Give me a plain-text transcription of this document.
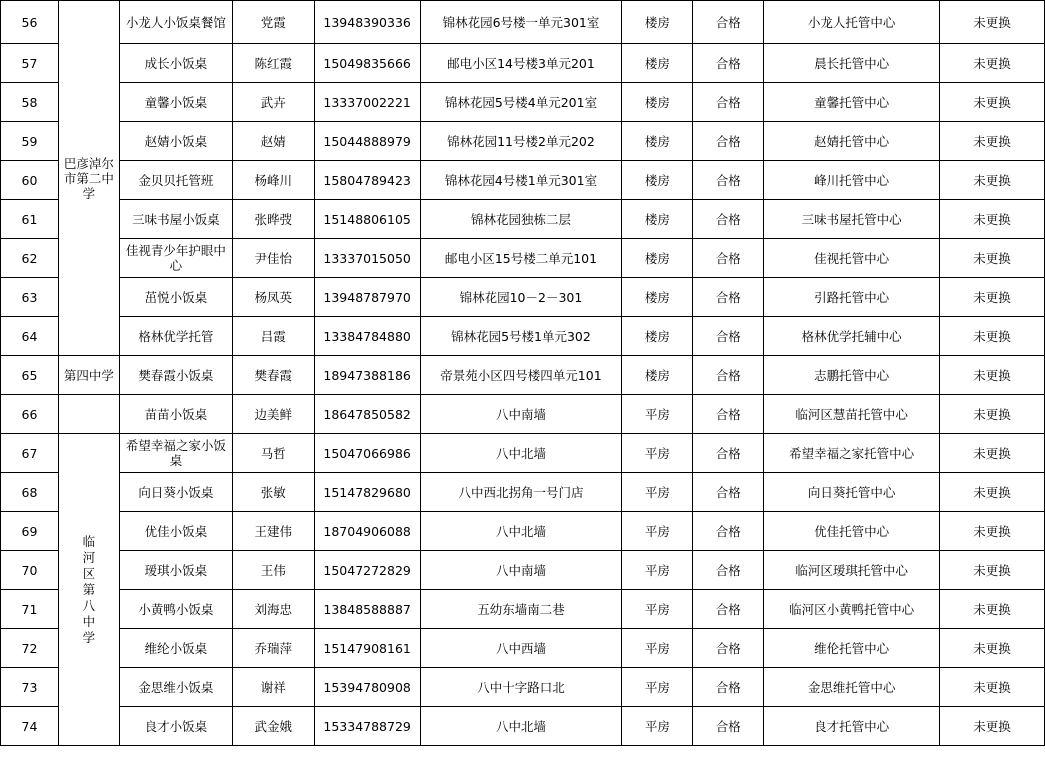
56	巴彦淖尔市第二中学	小龙人小饭桌餐馆	党霞	13948390336	锦林花园6号楼一单元301室	楼房	合格	小龙人托管中心	未更换
57		成长小饭桌	陈红霞	15049835666	邮电小区14号楼3单元201	楼房	合格	晨长托管中心	未更换
58		童馨小饭桌	武卉	13337002221	锦林花园5号楼4单元201室	楼房	合格	童馨托管中心	未更换
59		赵婧小饭桌	赵婧	15044888979	锦林花园11号楼2单元202	楼房	合格	赵婧托管中心	未更换
60		金贝贝托管班	杨峰川	15804789423	锦林花园4号楼1单元301室	楼房	合格	峰川托管中心	未更换
61		三味书屋小饭桌	张晔弢	15148806105	锦林花园独栋二层	楼房	合格	三味书屋托管中心	未更换
62		佳视青少年护眼中心	尹佳怡	13337015050	邮电小区15号楼二单元101	楼房	合格	佳视托管中心	未更换
63		茁悦小饭桌	杨凤英	13948787970	锦林花园10－2－301	楼房	合格	引路托管中心	未更换
64		格林优学托管	吕霞	13384784880	锦林花园5号楼1单元302	楼房	合格	格林优学托辅中心	未更换
65	第四中学	樊春霞小饭桌	樊春霞	18947388186	帝景苑小区四号楼四单元101	楼房	合格	志鹏托管中心	未更换
66		苗苗小饭桌	边美鲜	18647850582	八中南墙	平房	合格	临河区慧苗托管中心	未更换
67	临河区第八中学	希望幸福之家小饭桌	马哲	15047066986	八中北墙	平房	合格	希望幸福之家托管中心	未更换
68		向日葵小饭桌	张敏	15147829680	八中西北拐角一号门店	平房	合格	向日葵托管中心	未更换
69		优佳小饭桌	王建伟	18704906088	八中北墙	平房	合格	优佳托管中心	未更换
70		瑷琪小饭桌	王伟	15047272829	八中南墙	平房	合格	临河区瑷琪托管中心	未更换
71		小黄鸭小饭桌	刘海忠	13848588887	五幼东墙南二巷	平房	合格	临河区小黄鸭托管中心	未更换
72		维纶小饭桌	乔瑞萍	15147908161	八中西墙	平房	合格	维伦托管中心	未更换
73		金思维小饭桌	谢祥	15394780908	八中十字路口北	平房	合格	金思维托管中心	未更换
74		良才小饭桌	武金娥	15334788729	八中北墙	平房	合格	良才托管中心	未更换
